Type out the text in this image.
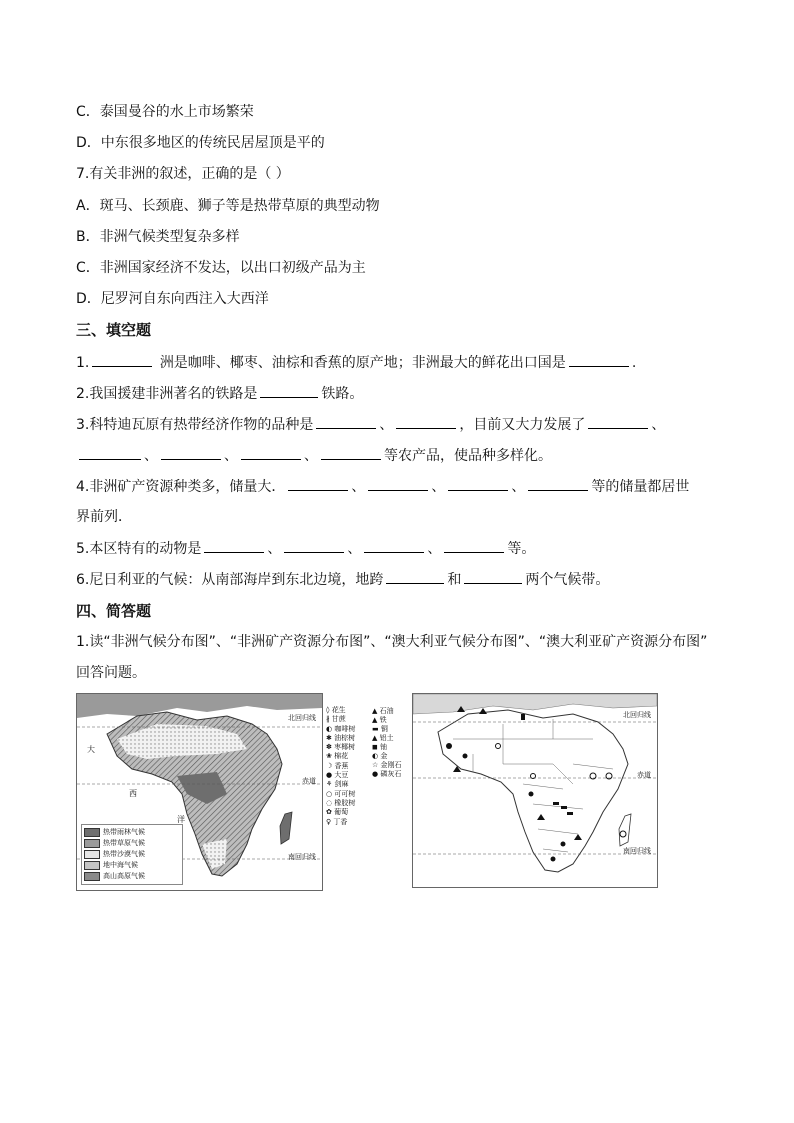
C．泰国曼谷的水上市场繁荣
D．中东很多地区的传统民居屋顶是平的
7.有关非洲的叙述，正确的是（ ）
A．斑马、长颈鹿、狮子等是热带草原的典型动物
B．非洲气候类型复杂多样
C．非洲国家经济不发达，以出口初级产品为主
D．尼罗河自东向西注入大西洋
三、填空题
1.	洲是咖啡、椰枣、油棕和香蕉的原产地；非洲最大的鲜花出口国是	.
2.我国援建非洲著名的铁路是	铁路。
3.科特迪瓦原有热带经济作物的品种是	、	，目前又大力发展了	、
、	、	、	等农产品，使品种多样化。
4.非洲矿产资源种类多，储量大．	、	、	、	等的储量都居世
界前列．
5.本区特有的动物是	、	、	、	等。
6.尼日利亚的气候：从南部海岸到东北边境，地跨	和	两个气候带。
四、简答题
1.读“非洲气候分布图”、“非洲矿产资源分布图”、“澳大利亚气候分布图”、“澳大利亚矿产资源分布图”
回答问题。
北回归线
赤道
南回归线
大
西
洋
热带雨林气候
热带草原气候
热带沙漠气候
地中海气候
高山高原气候
◊ 花生
∦ 甘蔗
◐ 咖啡树
✱ 油棕树
✽ 枣椰树
❀ 棉花
☽ 香蕉
● 大豆
⚘ 剑麻
○ 可可树
◌ 橡胶树
✿ 葡萄
♀ 丁香
▲ 石油
▲ 铁
▬ 铜
▲ 铝土
◼ 铀
◐ 金
☆ 金刚石
● 磷灰石
北回归线
赤道
南回归线
